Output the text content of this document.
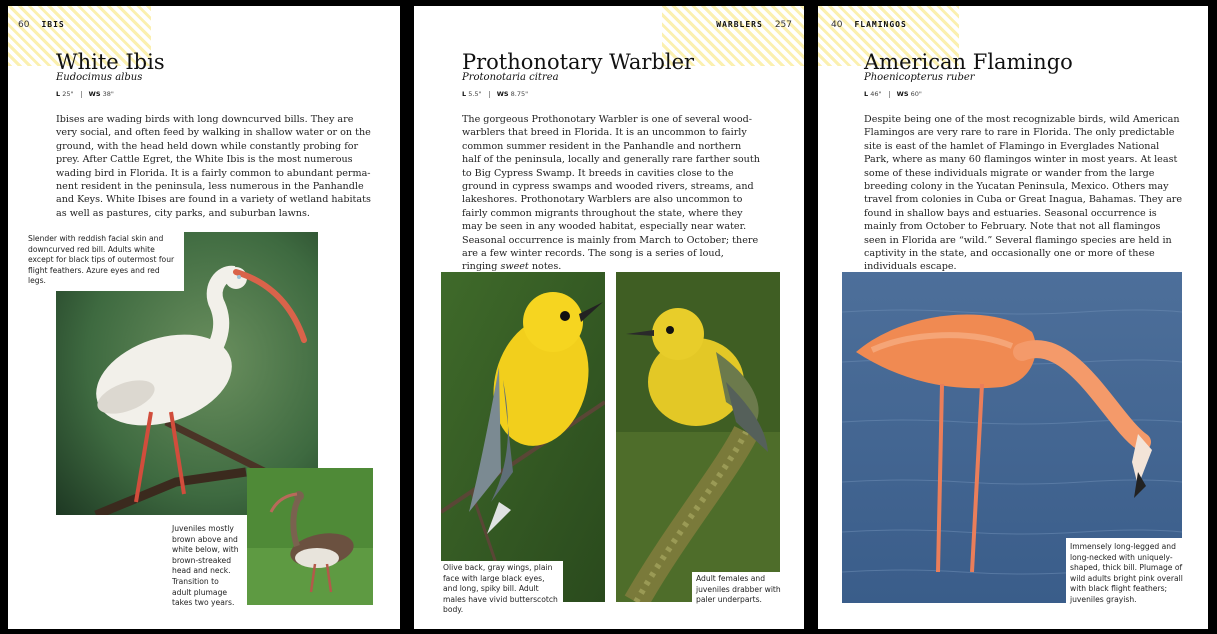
60 IBIS
White Ibis
Eudocimus albus
L 25" WS 38"
Ibises are wading birds with long downcurved bills. They are very social, and often feed by walking in shallow water or on the ground, with the head held down while constantly probing for prey. After Cattle Egret, the White Ibis is the most numerous wading bird in Florida. It is a fairly common to abundant perma-nent resident in the peninsula, less numerous in the Panhandle and Keys. White Ibises are found in a variety of wetland habitats as well as pastures, city parks, and suburban lawns.
Slender with reddish facial skin and downcurved red bill. Adults white except for black tips of outermost four flight feathers. Azure eyes and red legs.
Juveniles mostly brown above and white below, with brown-streaked head and neck. Transition to adult plumage takes two years.
WARBLERS 257
Prothonotary Warbler
Protonotaria citrea
L 5.5" WS 8.75"
The gorgeous Prothonotary Warbler is one of several wood-warblers that breed in Florida. It is an uncommon to fairly common summer resident in the Panhandle and northern half of the peninsula, locally and generally rare farther south to Big Cypress Swamp. It breeds in cavities close to the ground in cypress swamps and wooded rivers, streams, and lakeshores. Prothonotary Warblers are also uncommon to fairly common migrants throughout the state, where they may be seen in any wooded habitat, especially near water. Seasonal occurrence is mainly from March to October; there are a few winter records. The song is a series of loud, ringing sweet notes.
Olive back, gray wings, plain face with large black eyes, and long, spiky bill. Adult males have vivid butterscotch body.
Adult females and juveniles drabber with paler underparts.
40 FLAMINGOS
American Flamingo
Phoenicopterus ruber
L 46" WS 60"
Despite being one of the most recognizable birds, wild American Flamingos are very rare to rare in Florida. The only predictable site is east of the hamlet of Flamingo in Everglades National Park, where as many 60 flamingos winter in most years. At least some of these individuals migrate or wander from the large breeding colony in the Yucatan Peninsula, Mexico. Others may travel from colonies in Cuba or Great Inagua, Bahamas. They are found in shallow bays and estuaries. Seasonal occurrence is mainly from October to February. Note that not all flamingos seen in Florida are “wild.” Several flamingo species are held in captivity in the state, and occasionally one or more of these individuals escape.
Immensely long-legged and long-necked with uniquely-shaped, thick bill. Plumage of wild adults bright pink overall with black flight feathers; juveniles grayish.
